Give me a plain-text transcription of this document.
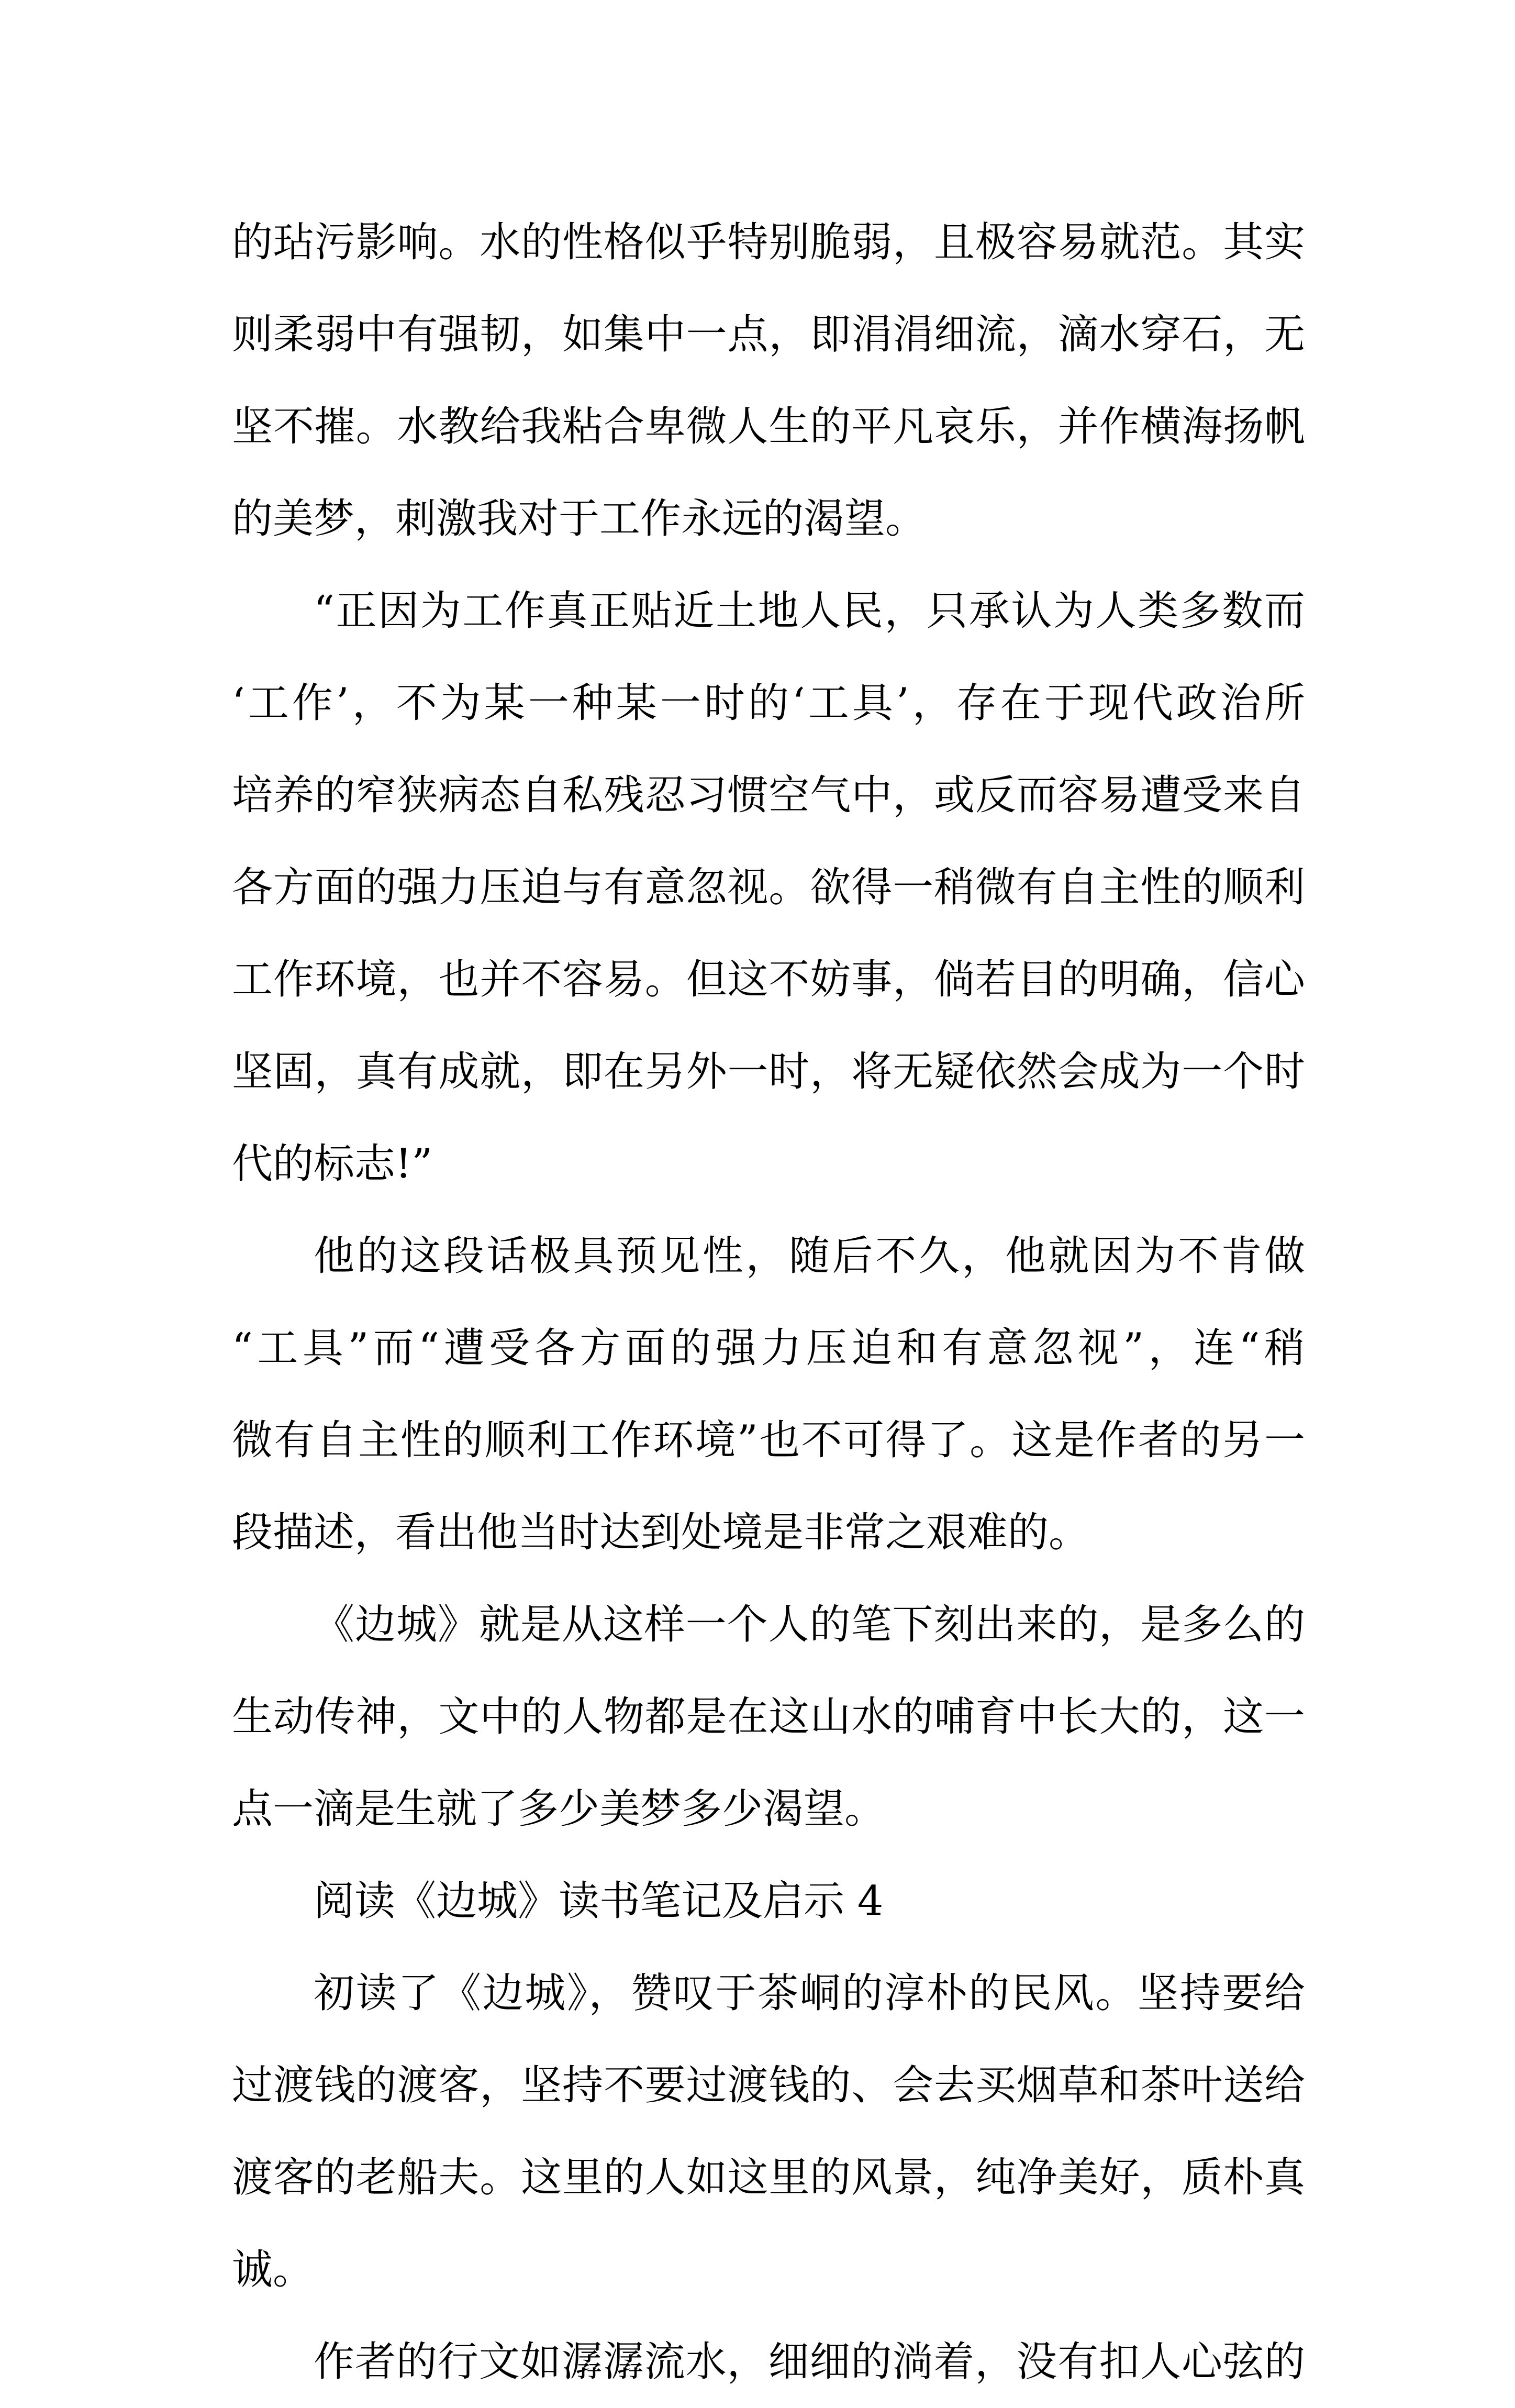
的玷污影响。水的性格似乎特别脆弱，且极容易就范。其实
则柔弱中有强韧，如集中一点，即涓涓细流，滴水穿石，无
坚不摧。水教给我粘合卑微人生的平凡哀乐，并作横海扬帆
的美梦，刺激我对于工作永远的渴望。
“正因为工作真正贴近土地人民，只承认为人类多数而
‘工作’，不为某一种某一时的‘工具’，存在于现代政治所
培养的窄狭病态自私残忍习惯空气中，或反而容易遭受来自
各方面的强力压迫与有意忽视。欲得一稍微有自主性的顺利
工作环境，也并不容易。但这不妨事，倘若目的明确，信心
坚固，真有成就，即在另外一时，将无疑依然会成为一个时
代的标志!”
他的这段话极具预见性，随后不久，他就因为不肯做
“工具”而“遭受各方面的强力压迫和有意忽视”，连“稍
微有自主性的顺利工作环境”也不可得了。这是作者的另一
段描述，看出他当时达到处境是非常之艰难的。
《边城》就是从这样一个人的笔下刻出来的，是多么的
生动传神，文中的人物都是在这山水的哺育中长大的，这一
点一滴是生就了多少美梦多少渴望。
阅读《边城》读书笔记及启示 4
初读了《边城》，赞叹于茶峒的淳朴的民风。坚持要给
过渡钱的渡客，坚持不要过渡钱的、会去买烟草和茶叶送给
渡客的老船夫。这里的人如这里的风景，纯净美好，质朴真
诚。
作者的行文如潺潺流水，细细的淌着，没有扣人心弦的
